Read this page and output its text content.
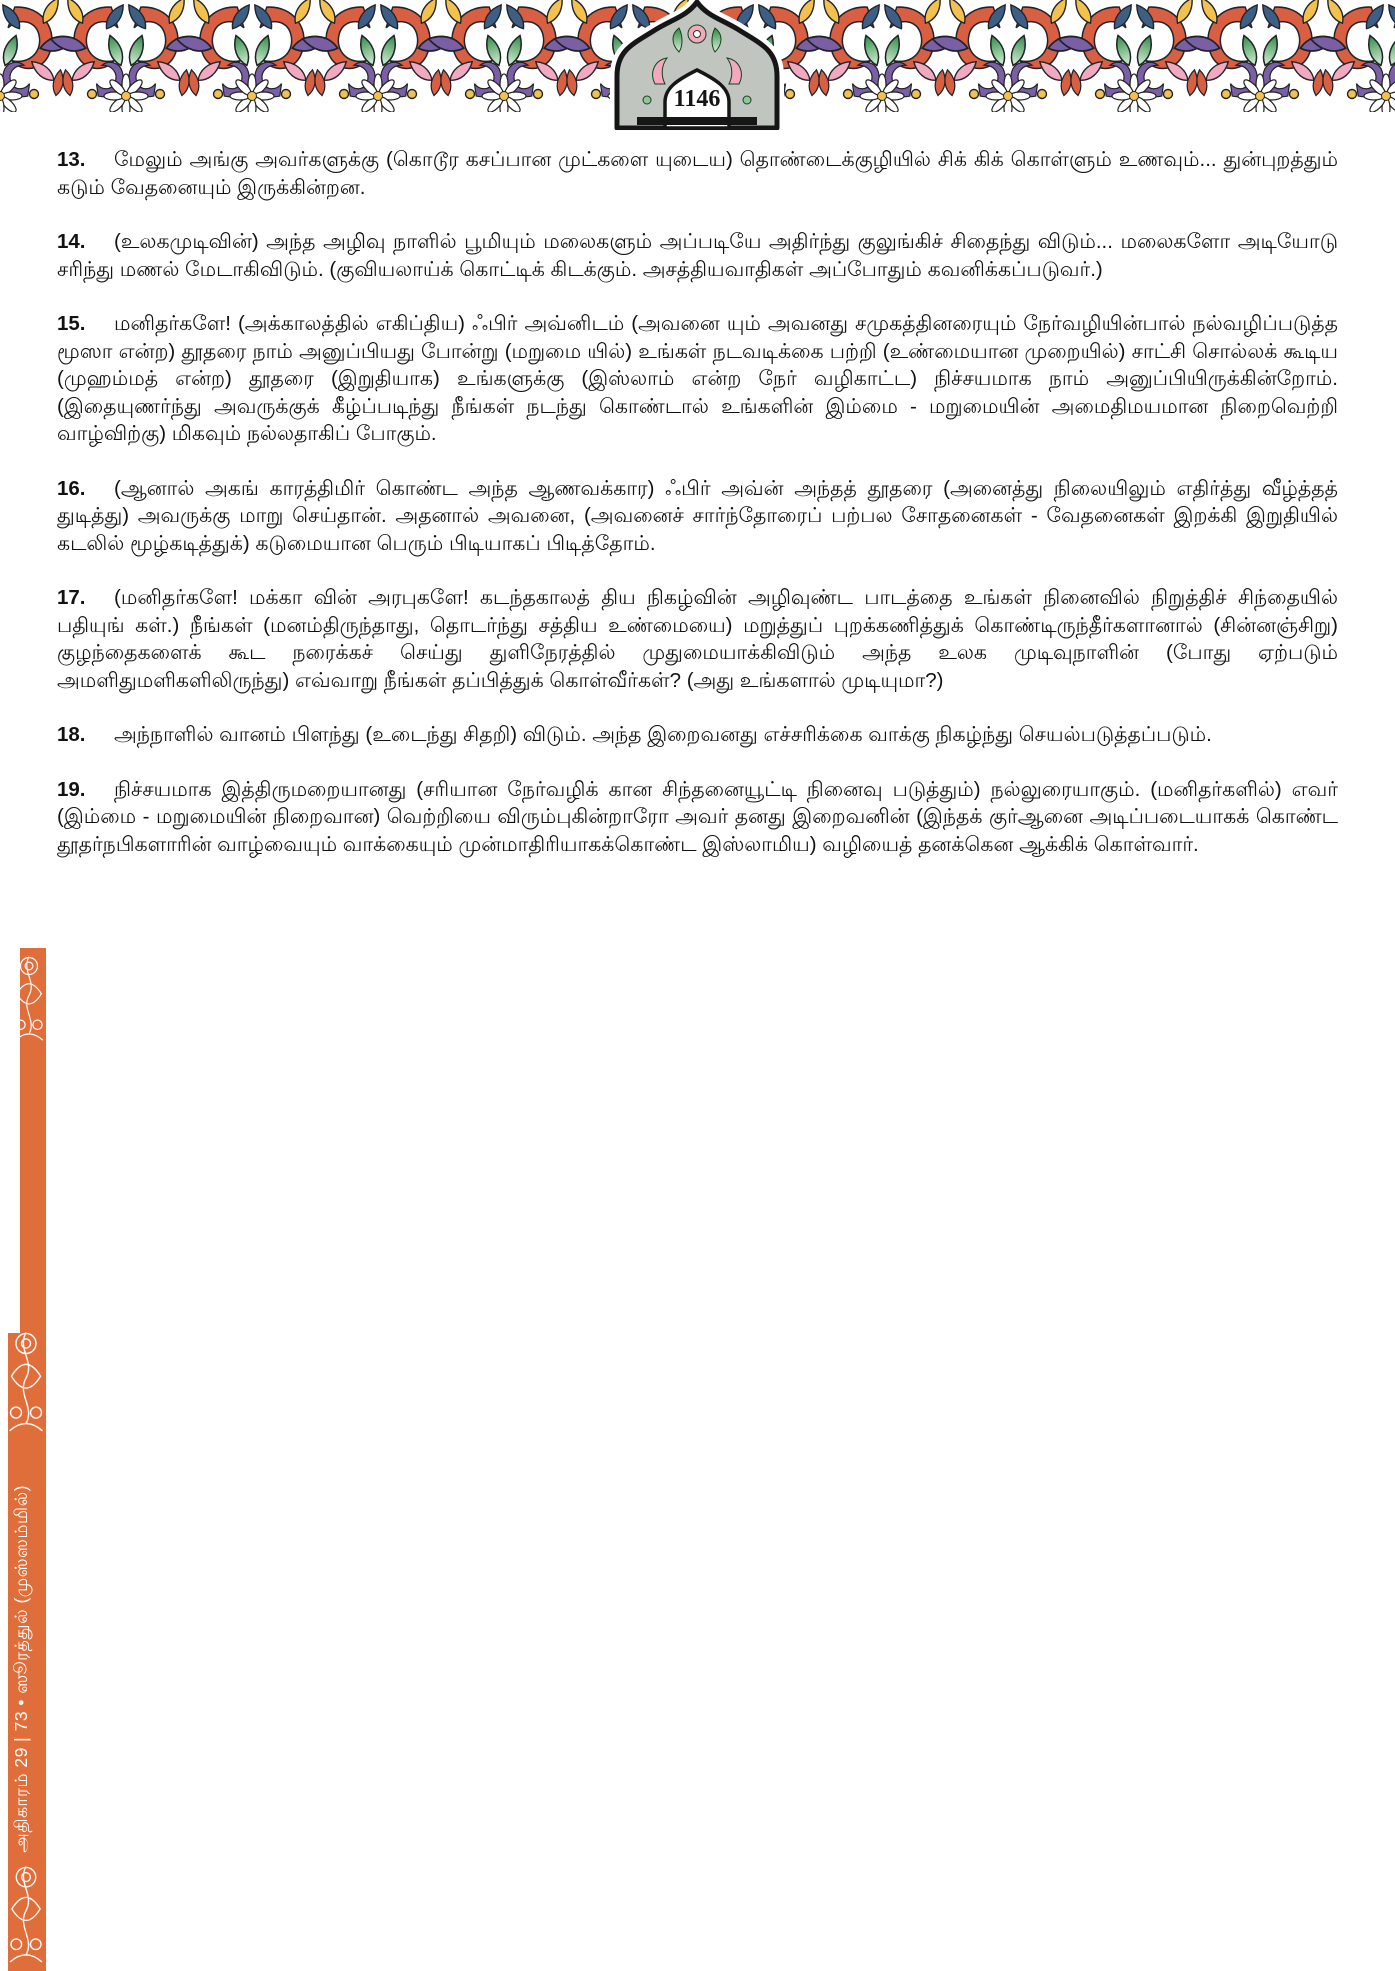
1146

13. மேலும் அங்கு அவர்களுக்கு (கொடூர கசப்பான முட்களை யுடைய) தொண்டைக்குழியில் சிக் கிக் கொள்ளும் உணவும்... துன்புறத்தும் கடும் வேதனையும் இருக்கின்றன.

14. (உலகமுடிவின்) அந்த அழிவு நாளில் பூமியும் மலைகளும் அப்படியே அதிர்ந்து குலுங்கிச் சிதைந்து விடும்... மலைகளோ அடியோடு சரிந்து மணல் மேடாகிவிடும். (குவியலாய்க் கொட்டிக் கிடக்கும். அசத்தியவாதிகள் அப்போதும் கவனிக்கப்படுவர்.)

15. மனிதர்களே! (அக்காலத்தில் எகிப்திய) ஃபிர் அவ்னிடம் (அவனை யும் அவனது சமுகத்தினரையும் நேர்வழியின்பால் நல்வழிப்படுத்த மூஸா என்ற) தூதரை நாம் அனுப்பியது போன்று (மறுமை யில்) உங்கள் நடவடிக்கை பற்றி (உண்மையான முறையில்) சாட்சி சொல்லக் கூடிய (முஹம்மத் என்ற) தூதரை (இறுதியாக) உங்களுக்கு (இஸ்லாம் என்ற நேர் வழிகாட்ட) நிச்சயமாக நாம் அனுப்பியிருக்கின்றோம். (இதையுணர்ந்து அவருக்குக் கீழ்ப்படிந்து நீங்கள் நடந்து கொண்டால் உங்களின் இம்மை - மறுமையின் அமைதிமயமான நிறைவெற்றி வாழ்விற்கு) மிகவும் நல்லதாகிப் போகும்.

16. (ஆனால் அகங் காரத்திமிர் கொண்ட அந்த ஆணவக்கார) ஃபிர் அவ்ன் அந்தத் தூதரை (அனைத்து நிலையிலும் எதிர்த்து வீழ்த்தத் துடித்து) அவருக்கு மாறு செய்தான். அதனால் அவனை, (அவனைச் சார்ந்தோரைப் பற்பல சோதனைகள் - வேதனைகள் இறக்கி இறுதியில் கடலில் மூழ்கடித்துக்) கடுமையான பெரும் பிடியாகப் பிடித்தோம்.

17. (மனிதர்களே! மக்கா வின் அரபுகளே! கடந்தகாலத் திய நிகழ்வின் அழிவுண்ட பாடத்தை உங்கள் நினைவில் நிறுத்திச் சிந்தையில் பதியுங் கள்.) நீங்கள் (மனம்திருந்தாது, தொடர்ந்து சத்திய உண்மையை) மறுத்துப் புறக்கணித்துக் கொண்டிருந்தீர்களானால் (சின்னஞ்சிறு) குழந்தைகளைக் கூட நரைக்கச் செய்து துளிநேரத்தில் முதுமையாக்கிவிடும் அந்த உலக முடிவுநாளின் (போது ஏற்படும் அமளிதுமளிகளிலிருந்து) எவ்வாறு நீங்கள் தப்பித்துக் கொள்வீர்கள்? (அது உங்களால் முடியுமா?)

18. அந்நாளில் வானம் பிளந்து (உடைந்து சிதறி) விடும். அந்த இறைவனது எச்சரிக்கை வாக்கு நிகழ்ந்து செயல்படுத்தப்படும்.

19. நிச்சயமாக இத்திருமறையானது (சரியான நேர்வழிக் கான சிந்தனையூட்டி நினைவு படுத்தும்) நல்லுரையாகும். (மனிதர்களில்) எவர் (இம்மை - மறுமையின் நிறைவான) வெற்றியை விரும்புகின்றாரோ அவர் தனது இறைவனின் (இந்தக் குர்ஆனை அடிப்படையாகக் கொண்ட தூதர்நபிகளாரின் வாழ்வையும் வாக்கையும் முன்மாதிரியாகக்கொண்ட இஸ்லாமிய) வழியைத் தனக்கென ஆக்கிக் கொள்வார்.

அதிகாரம் 29 | 73 • ஸூரத்துல் (முஸ்ஸம்மில்)
